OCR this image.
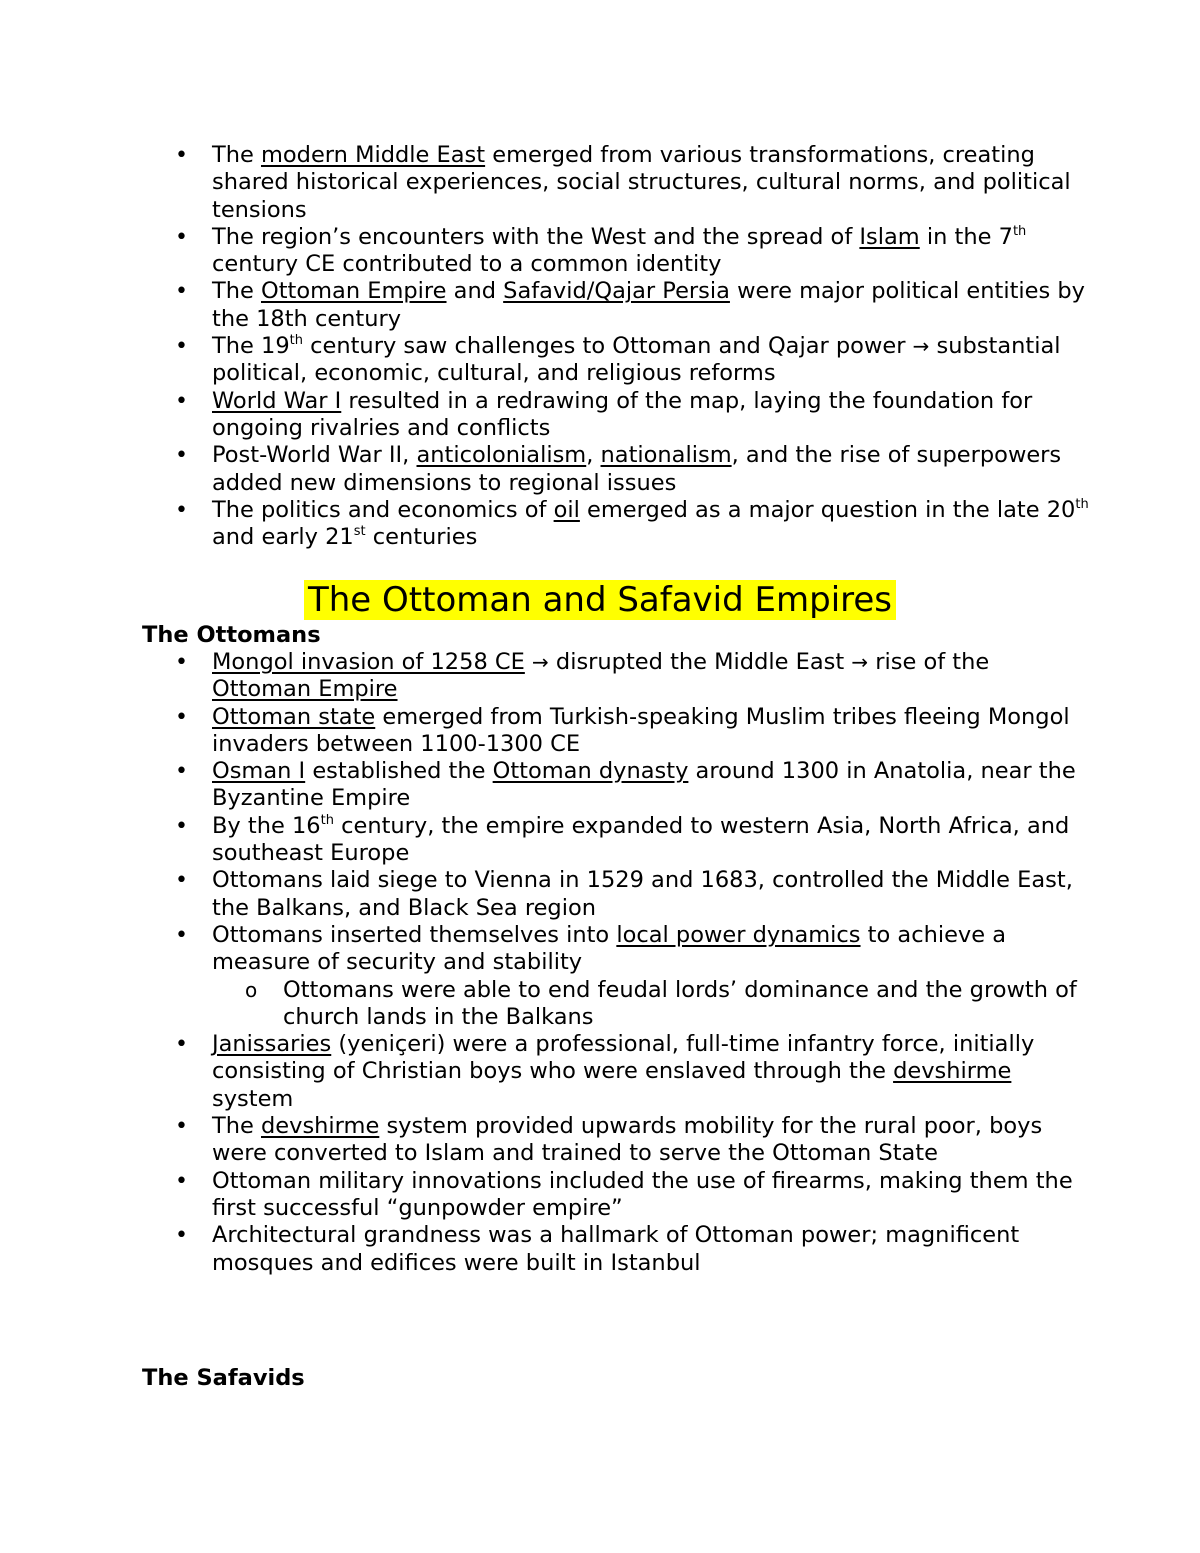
• The modern Middle East emerged from various transformations, creating shared historical experiences, social structures, cultural norms, and political tensions
• The region’s encounters with the West and the spread of Islam in the 7th century CE contributed to a common identity
• The Ottoman Empire and Safavid/Qajar Persia were major political entities by the 18th century
• The 19th century saw challenges to Ottoman and Qajar power → substantial political, economic, cultural, and religious reforms
• World War I resulted in a redrawing of the map, laying the foundation for ongoing rivalries and conflicts
• Post-World War II, anticolonialism, nationalism, and the rise of superpowers added new dimensions to regional issues
• The politics and economics of oil emerged as a major question in the late 20th and early 21st centuries
The Ottoman and Safavid Empires
The Ottomans
• Mongol invasion of 1258 CE → disrupted the Middle East → rise of the Ottoman Empire
• Ottoman state emerged from Turkish-speaking Muslim tribes fleeing Mongol invaders between 1100-1300 CE
• Osman I established the Ottoman dynasty around 1300 in Anatolia, near the Byzantine Empire
• By the 16th century, the empire expanded to western Asia, North Africa, and southeast Europe
• Ottomans laid siege to Vienna in 1529 and 1683, controlled the Middle East, the Balkans, and Black Sea region
• Ottomans inserted themselves into local power dynamics to achieve a measure of security and stability
o Ottomans were able to end feudal lords’ dominance and the growth of church lands in the Balkans
• Janissaries (yeniçeri) were a professional, full-time infantry force, initially consisting of Christian boys who were enslaved through the devshirme system
• The devshirme system provided upwards mobility for the rural poor, boys were converted to Islam and trained to serve the Ottoman State
• Ottoman military innovations included the use of firearms, making them the first successful “gunpowder empire”
• Architectural grandness was a hallmark of Ottoman power; magnificent mosques and edifices were built in Istanbul
The Safavids
